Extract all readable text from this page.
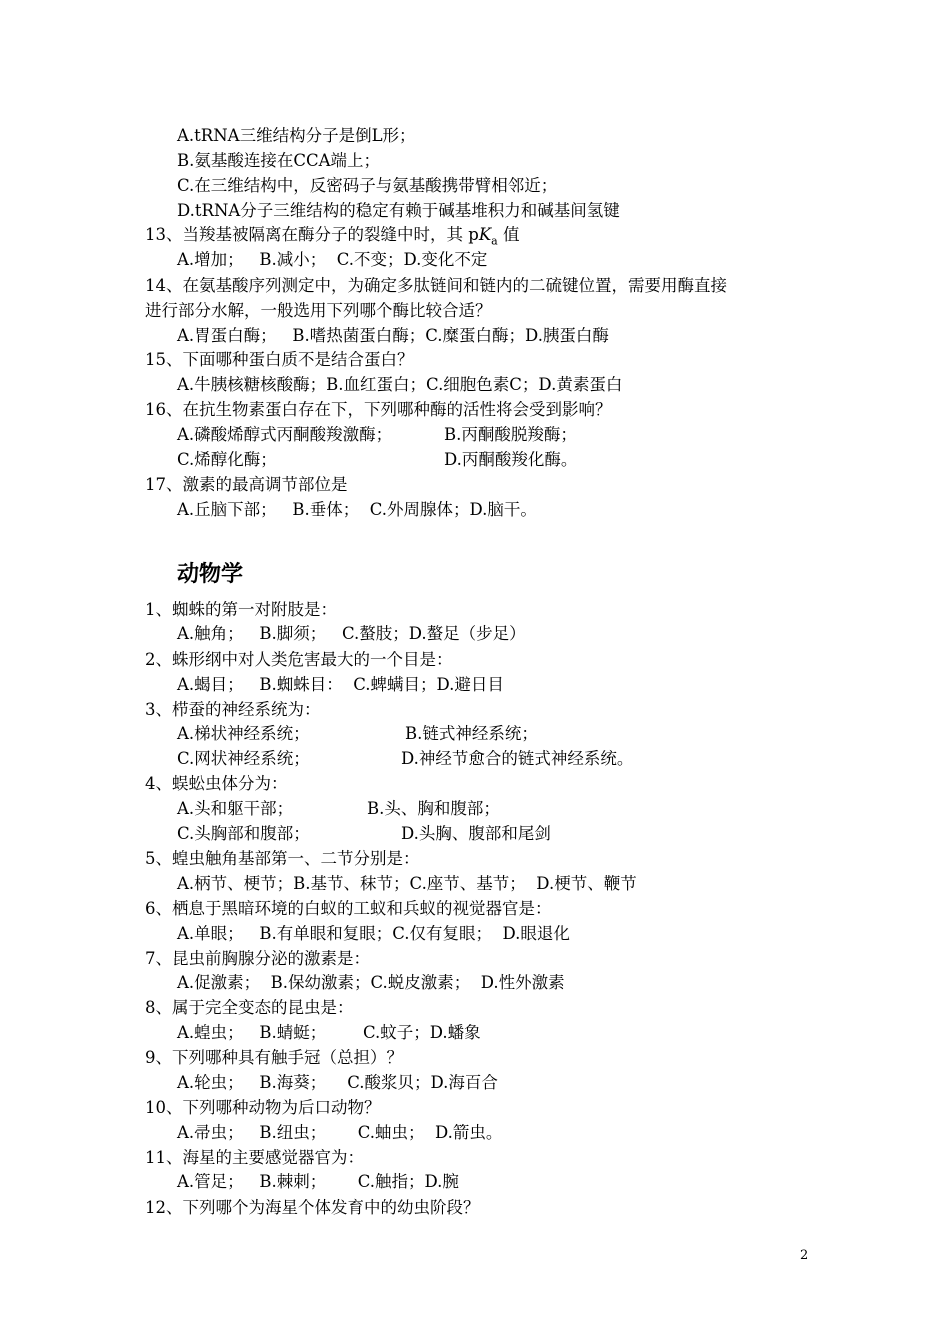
A.tRNA三维结构分子是倒L形；
B.氨基酸连接在CCA端上；
C.在三维结构中，反密码子与氨基酸携带臂相邻近；
D.tRNA分子三维结构的稳定有赖于碱基堆积力和碱基间氢键
13、当羧基被隔离在酶分子的裂缝中时，其 $pK_a$ 值
A.增加；   B.减小；  C.不变；D.变化不定
14、在氨基酸序列测定中，为确定多肽链间和链内的二硫键位置，需要用酶直接
进行部分水解，一般选用下列哪个酶比较合适？
A.胃蛋白酶；   B.嗜热菌蛋白酶；C.糜蛋白酶；D.胰蛋白酶
15、下面哪种蛋白质不是结合蛋白？
A.牛胰核糖核酸酶；B.血红蛋白；C.细胞色素C；D.黄素蛋白
16、在抗生物素蛋白存在下，下列哪种酶的活性将会受到影响？
A.磷酸烯醇式丙酮酸羧激酶；	B.丙酮酸脱羧酶；
C.烯醇化酶；	D.丙酮酸羧化酶。
17、激素的最高调节部位是
A.丘脑下部；   B.垂体；  C.外周腺体；D.脑干。
动物学
1、蜘蛛的第一对附肢是：
A.触角；   B.脚须；   C.螯肢；D.螯足（步足）
2、蛛形纲中对人类危害最大的一个目是：
A.蝎目；   B.蜘蛛目：  C.蜱螨目；D.避日目
3、栉蚕的神经系统为：
A.梯状神经系统；	B.链式神经系统；
C.网状神经系统；	D.神经节愈合的链式神经系统。
4、蜈蚣虫体分为：
A.头和躯干部；	B.头、胸和腹部；
C.头胸部和腹部；	D.头胸、腹部和尾剑
5、蝗虫触角基部第一、二节分别是：
A.柄节、梗节；B.基节、秣节；C.座节、基节；  D.梗节、鞭节
6、栖息于黑暗环境的白蚁的工蚁和兵蚁的视觉器官是：
A.单眼；   B.有单眼和复眼；C.仅有复眼；  D.眼退化
7、昆虫前胸腺分泌的激素是：
A.促激素；  B.保幼激素；C.蜕皮激素；  D.性外激素
8、属于完全变态的昆虫是：
A.蝗虫；   B.蜻蜓；       C.蚊子；D.蟠象
9、下列哪种具有触手冠（总担）？
A.轮虫；   B.海葵；    C.酸浆贝；D.海百合
10、下列哪种动物为后口动物？
A.帚虫；   B.纽虫；      C.蚰虫；  D.箭虫。
11、海星的主要感觉器官为：
A.管足；   B.棘刺；      C.触指；D.腕
12、下列哪个为海星个体发育中的幼虫阶段？
2
